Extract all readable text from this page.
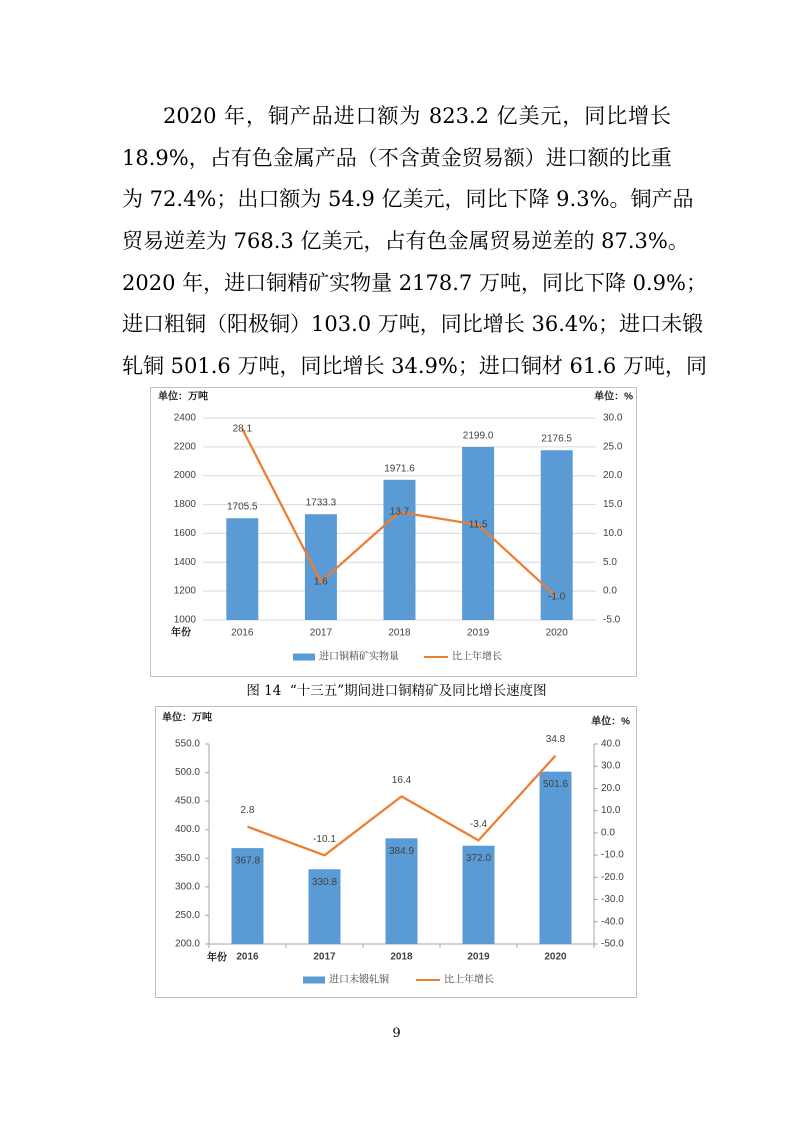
2020 年，铜产品进口额为 823.2 亿美元，同比增长
18.9%，占有色金属产品（不含黄金贸易额）进口额的比重
为 72.4%；出口额为 54.9 亿美元，同比下降 9.3%。铜产品
贸易逆差为 768.3 亿美元，占有色金属贸易逆差的 87.3%。
2020 年，进口铜精矿实物量 2178.7 万吨，同比下降 0.9%；
进口粗铜（阳极铜）103.0 万吨，同比增长 36.4%；进口未锻
轧铜 501.6 万吨，同比增长 34.9%；进口铜材 61.6 万吨，同
单位：万吨	单位：%
年份
2400
2200
2000
1800
1600
1400
1200
1000
30.0
25.0
20.0
15.0
10.0
5.0
0.0
-5.0
1705.5	1733.3
1971.6
2199.0	2176.5
28.1
1.6
13.7
11.5
-1.0
2016	2017	2018	2019	2020
进口铜精矿实物量	比上年增长
图 14  “十三五”期间进口铜精矿及同比增长速度图
单位：万吨	单位：%
年份
550.0
500.0
450.0
400.0
350.0
300.0
250.0
200.0
40.0
30.0
20.0
10.0
0.0
-10.0
-20.0
-30.0
-40.0
-50.0
367.8
330.8
384.9
372.0
501.6
2.8
-10.1
16.4
-3.4
34.8
2016	2017	2018	2019	2020
进口未锻轧铜	比上年增长
9
